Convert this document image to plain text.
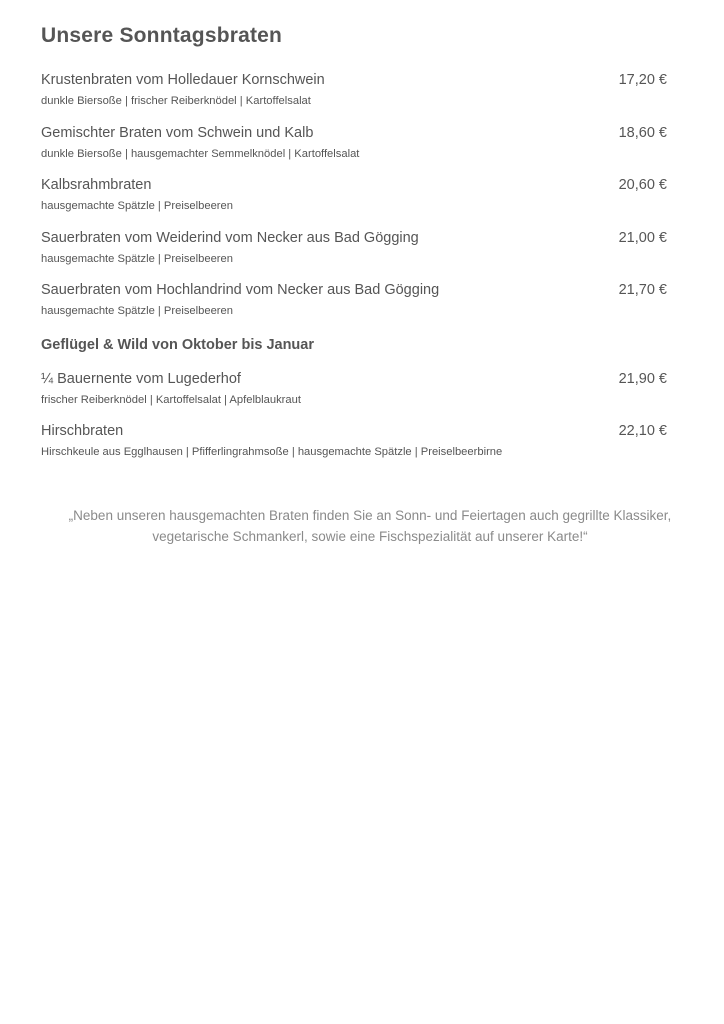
Unsere Sonntagsbraten
Krustenbraten vom Holledauer Kornschwein	17,20 €
dunkle Biersoße | frischer Reiberknödel | Kartoffelsalat
Gemischter Braten vom Schwein und Kalb	18,60 €
dunkle Biersoße | hausgemachter Semmelknödel | Kartoffelsalat
Kalbsrahmbraten	20,60 €
hausgemachte Spätzle | Preiselbeeren
Sauerbraten vom Weiderind vom Necker aus Bad Gögging	21,00 €
hausgemachte Spätzle | Preiselbeeren
Sauerbraten vom Hochlandrind vom Necker aus Bad Gögging	21,70 €
hausgemachte Spätzle | Preiselbeeren
Geflügel & Wild von Oktober bis Januar
¼ Bauernente vom Lugederhof	21,90 €
frischer Reiberknödel | Kartoffelsalat | Apfelblaukraut
Hirschbraten	22,10 €
Hirschkeule aus Egglhausen | Pfifferlingrahmsoße | hausgemachte Spätzle | Preiselbeerbirne
„Neben unseren hausgemachten Braten finden Sie an Sonn- und Feiertagen auch gegrillte Klassiker,
vegetarische Schmankerl, sowie eine Fischspezialität auf unserer Karte!“
